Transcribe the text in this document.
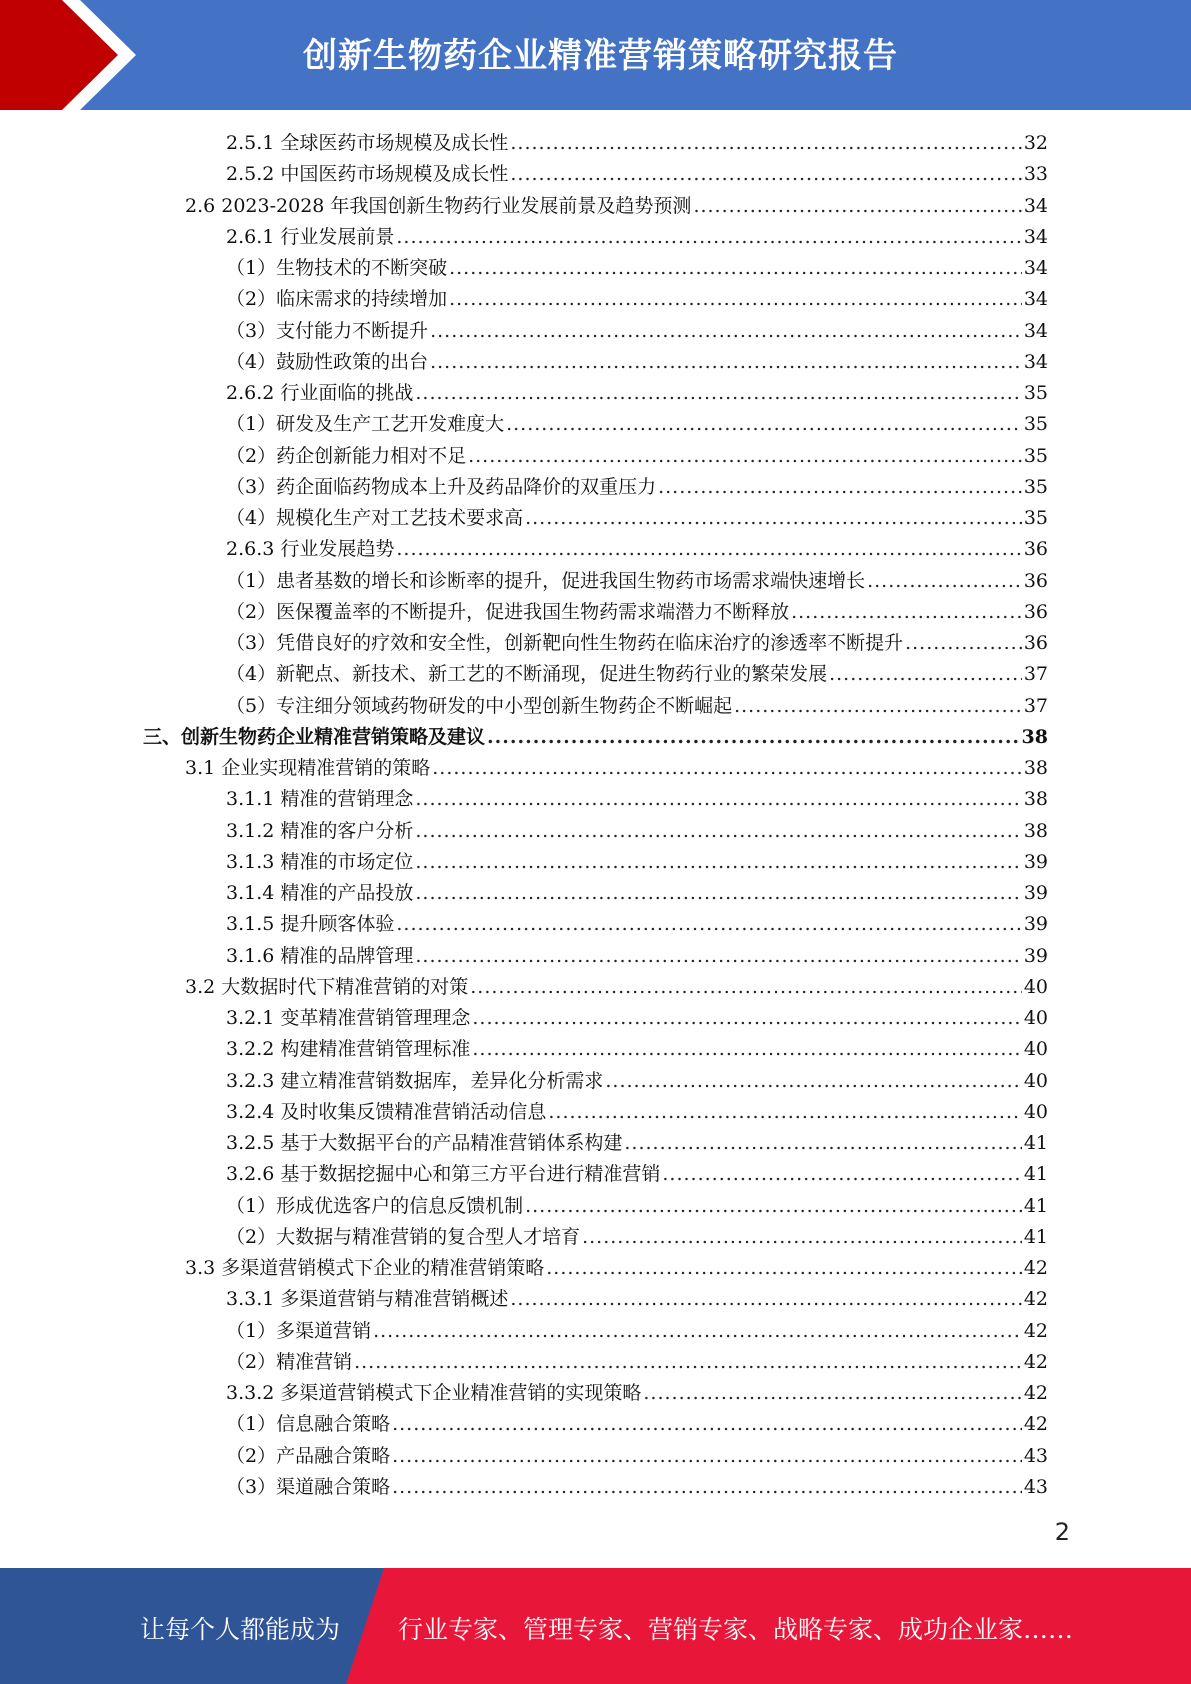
创新生物药企业精准营销策略研究报告
2.5.1 全球医药市场规模及成长性 .....	32
2.5.2 中国医药市场规模及成长性 .....	33
2.6 2023-2028 年我国创新生物药行业发展前景及趋势预测 .....	34
2.6.1 行业发展前景 .....	34
（1）生物技术的不断突破 .....	34
（2）临床需求的持续增加 .....	34
（3）支付能力不断提升 .....	34
（4）鼓励性政策的出台 .....	34
2.6.2 行业面临的挑战 .....	35
（1）研发及生产工艺开发难度大 .....	35
（2）药企创新能力相对不足 .....	35
（3）药企面临药物成本上升及药品降价的双重压力 .....	35
（4）规模化生产对工艺技术要求高 .....	35
2.6.3 行业发展趋势 .....	36
（1）患者基数的增长和诊断率的提升，促进我国生物药市场需求端快速增长 .....	36
（2）医保覆盖率的不断提升，促进我国生物药需求端潜力不断释放 .....	36
（3）凭借良好的疗效和安全性，创新靶向性生物药在临床治疗的渗透率不断提升 .....	36
（4）新靶点、新技术、新工艺的不断涌现，促进生物药行业的繁荣发展 .....	37
（5）专注细分领域药物研发的中小型创新生物药企不断崛起 .....	37
三、创新生物药企业精准营销策略及建议 .....	38
3.1 企业实现精准营销的策略 .....	38
3.1.1 精准的营销理念 .....	38
3.1.2 精准的客户分析 .....	38
3.1.3 精准的市场定位 .....	39
3.1.4 精准的产品投放 .....	39
3.1.5 提升顾客体验 .....	39
3.1.6 精准的品牌管理 .....	39
3.2 大数据时代下精准营销的对策 .....	40
3.2.1 变革精准营销管理理念 .....	40
3.2.2 构建精准营销管理标准 .....	40
3.2.3 建立精准营销数据库，差异化分析需求 .....	40
3.2.4 及时收集反馈精准营销活动信息 .....	40
3.2.5 基于大数据平台的产品精准营销体系构建 .....	41
3.2.6 基于数据挖掘中心和第三方平台进行精准营销 .....	41
（1）形成优选客户的信息反馈机制 .....	41
（2）大数据与精准营销的复合型人才培育 .....	41
3.3 多渠道营销模式下企业的精准营销策略 .....	42
3.3.1 多渠道营销与精准营销概述 .....	42
（1）多渠道营销 .....	42
（2）精准营销 .....	42
3.3.2 多渠道营销模式下企业精准营销的实现策略 .....	42
（1）信息融合策略 .....	42
（2）产品融合策略 .....	43
（3）渠道融合策略 .....	43
2
让每个人都能成为 行业专家、管理专家、营销专家、战略专家、成功企业家……
